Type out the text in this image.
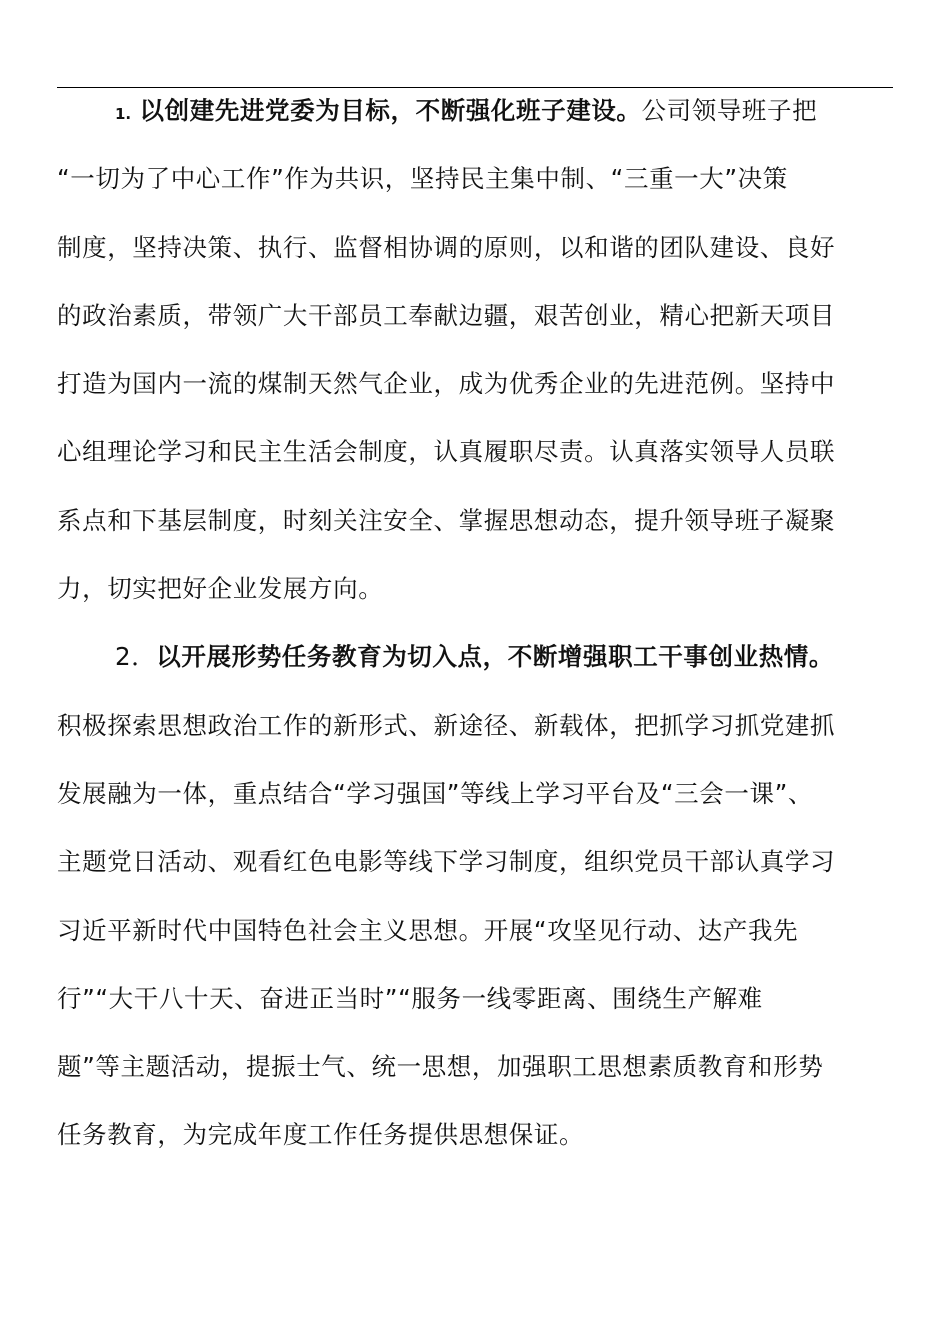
1. 以创建先进党委为目标，不断强化班子建设。公司领导班子把
“一切为了中心工作”作为共识，坚持民主集中制、“三重一大”决策
制度，坚持决策、执行、监督相协调的原则，以和谐的团队建设、良好
的政治素质，带领广大干部员工奉献边疆，艰苦创业，精心把新天项目
打造为国内一流的煤制天然气企业，成为优秀企业的先进范例。坚持中
心组理论学习和民主生活会制度，认真履职尽责。认真落实领导人员联
系点和下基层制度，时刻关注安全、掌握思想动态，提升领导班子凝聚
力，切实把好企业发展方向。
2．以开展形势任务教育为切入点，不断增强职工干事创业热情。
积极探索思想政治工作的新形式、新途径、新载体，把抓学习抓党建抓
发展融为一体，重点结合“学习强国”等线上学习平台及“三会一课”、
主题党日活动、观看红色电影等线下学习制度，组织党员干部认真学习
习近平新时代中国特色社会主义思想。开展“攻坚见行动、达产我先
行”“大干八十天、奋进正当时”“服务一线零距离、围绕生产解难
题”等主题活动，提振士气、统一思想，加强职工思想素质教育和形势
任务教育，为完成年度工作任务提供思想保证。
